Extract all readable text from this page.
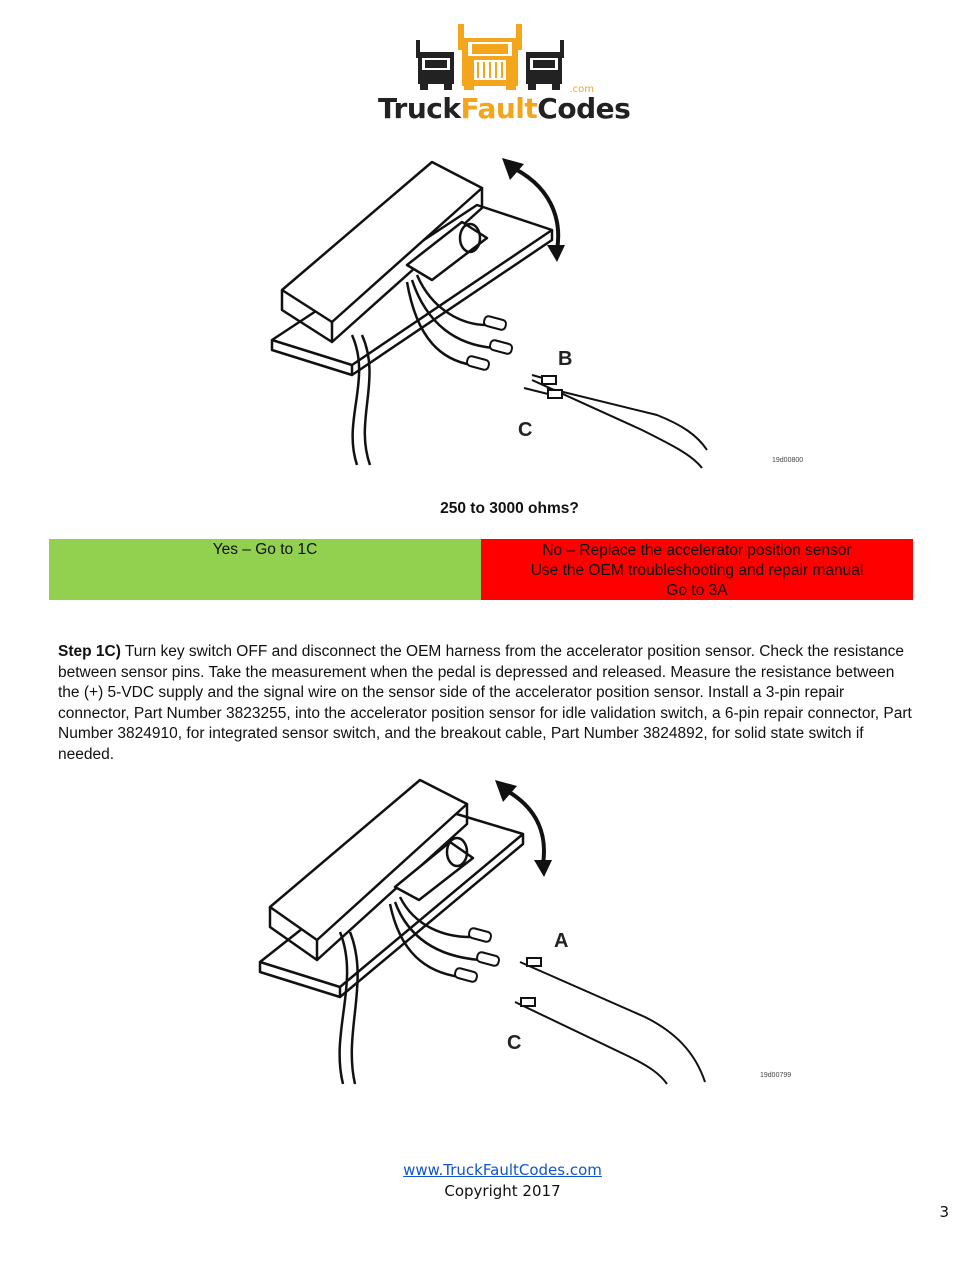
.com
TruckFaultCodes
B
C
19d00800
250 to 3000 ohms?
Yes – Go to 1C	No – Replace the accelerator position sensor
Use the OEM troubleshooting and repair manual
Go to 3A
Step 1C) Turn key switch OFF and disconnect the OEM harness from the accelerator position sensor. Check the resistance between sensor pins. Take the measurement when the pedal is depressed and released. Measure the resistance between the (+) 5-VDC supply and the signal wire on the sensor side of the accelerator position sensor. Install a 3-pin repair connector, Part Number 3823255, into the accelerator position sensor for idle validation switch, a 6-pin repair connector, Part Number 3824910, for integrated sensor switch, and the breakout cable, Part Number 3824892, for solid state switch if needed.
A
C
19d00799
www.TruckFaultCodes.com
Copyright 2017
3
